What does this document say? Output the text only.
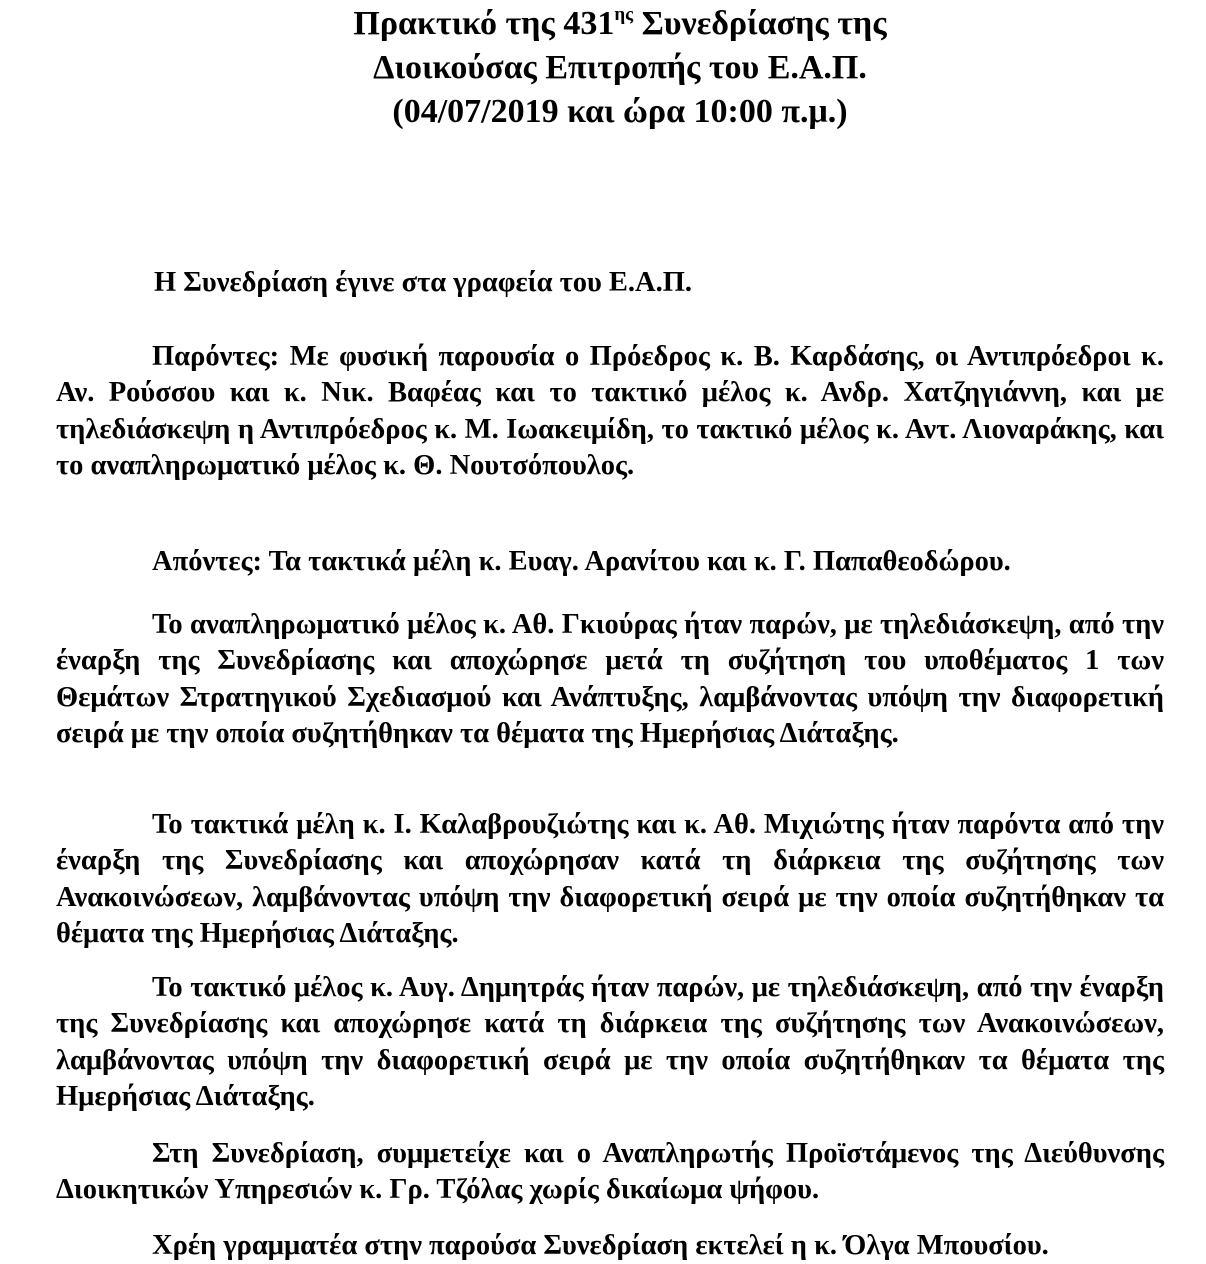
Πρακτικό της $431^{\eta\varsigma}$ Συνεδρίασης της
Διοικούσας Επιτροπής του Ε.Α.Π.
(04/07/2019 και ώρα 10:00 π.μ.)

Η Συνεδρίαση έγινε στα γραφεία του Ε.Α.Π.

Παρόντες: Με φυσική παρουσία ο Πρόεδρος κ. Β. Καρδάσης, οι Αντιπρόεδροι κ. Αν. Ρούσσου και κ. Νικ. Βαφέας και το τακτικό μέλος κ. Ανδρ. Χατζηγιάννη, και με τηλεδιάσκεψη η Αντιπρόεδρος κ. Μ. Ιωακειμίδη, το τακτικό μέλος κ. Αντ. Λιοναράκης, και το αναπληρωματικό μέλος κ. Θ. Νουτσόπουλος.

Απόντες: Τα τακτικά μέλη κ. Ευαγ. Αρανίτου και κ. Γ. Παπαθεοδώρου.

Το αναπληρωματικό μέλος κ. Αθ. Γκιούρας ήταν παρών, με τηλεδιάσκεψη, από την έναρξη της Συνεδρίασης και αποχώρησε μετά τη συζήτηση του υποθέματος 1 των Θεμάτων Στρατηγικού Σχεδιασμού και Ανάπτυξης, λαμβάνοντας υπόψη την διαφορετική σειρά με την οποία συζητήθηκαν τα θέματα της Ημερήσιας Διάταξης.

Το τακτικά μέλη κ. Ι. Καλαβρουζιώτης και κ. Αθ. Μιχιώτης ήταν παρόντα από την έναρξη της Συνεδρίασης και αποχώρησαν κατά τη διάρκεια της συζήτησης των Ανακοινώσεων, λαμβάνοντας υπόψη την διαφορετική σειρά με την οποία συζητήθηκαν τα θέματα της Ημερήσιας Διάταξης.

Το τακτικό μέλος κ. Αυγ. Δημητράς ήταν παρών, με τηλεδιάσκεψη, από την έναρξη της Συνεδρίασης και αποχώρησε κατά τη διάρκεια της συζήτησης των Ανακοινώσεων, λαμβάνοντας υπόψη την διαφορετική σειρά με την οποία συζητήθηκαν τα θέματα της Ημερήσιας Διάταξης.

Στη Συνεδρίαση, συμμετείχε και ο Αναπληρωτής Προϊστάμενος της Διεύθυνσης Διοικητικών Υπηρεσιών κ. Γρ. Τζόλας χωρίς δικαίωμα ψήφου.

Χρέη γραμματέα στην παρούσα Συνεδρίαση εκτελεί η κ. Όλγα Μπουσίου.
